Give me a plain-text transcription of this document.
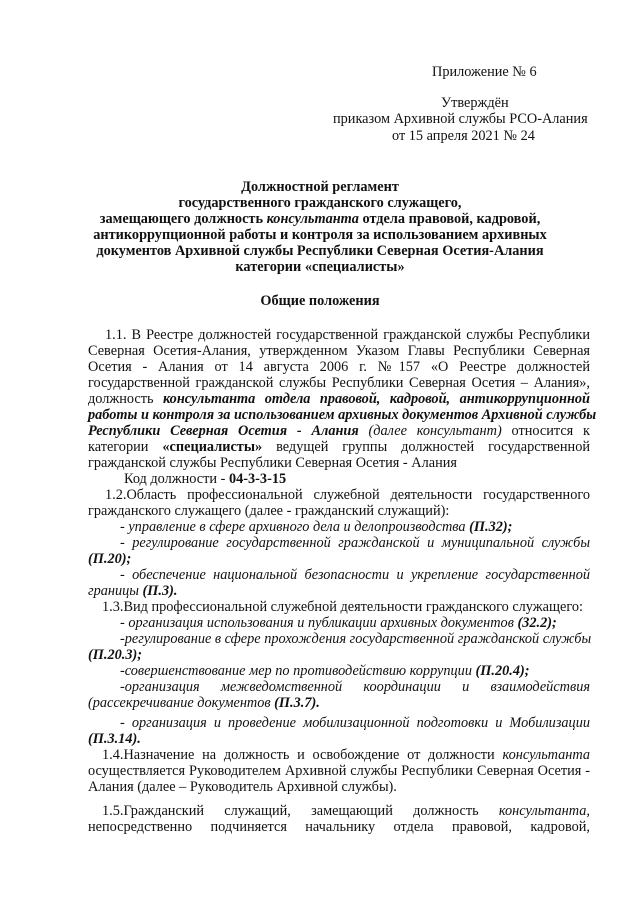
Приложение № 6
Утверждён
приказом Архивной службы РСО-Алания
от 15 апреля 2021 № 24
Должностной регламент
государственного гражданского служащего,
замещающего должность консультанта отдела правовой, кадровой,
антикоррупционной работы и контроля за использованием архивных
документов Архивной службы Республики Северная Осетия-Алания
категории «специалисты»
Общие положения
1.1. В Реестре должностей государственной гражданской службы Республики
Северная Осетия-Алания, утвержденном Указом Главы Республики Северная
Осетия - Алания от 14 августа 2006 г. №157 «О Реестре должностей
государственной гражданской службы Республики Северная Осетия – Алания»,
должность консультанта отдела правовой, кадровой, антикоррупционной
работы и контроля за использованием архивных документов Архивной службы
Республики Северная Осетия - Алания (далее консультант) относится к
категории «специалисты» ведущей группы должностей государственной
гражданской службы Республики Северная Осетия - Алания
Код должности - 04-3-3-15
1.2.Область профессиональной служебной деятельности государственного
гражданского служащего (далее - гражданский служащий):
- управление в сфере архивного дела и делопроизводства (П.32);
- регулирование государственной гражданской и муниципальной службы
(П.20);
- обеспечение национальной безопасности и укрепление государственной
границы (П.3).
1.3.Вид профессиональной служебной деятельности гражданского служащего:
- организация использования и публикации архивных документов (32.2);
-регулирование в сфере прохождения государственной гражданской службы
(П.20.3);
-совершенствование мер по противодействию коррупции (П.20.4);
-организация межведомственной координации и взаимодействия
(рассекречивание документов (П.3.7).
- организация и проведение мобилизационной подготовки и Мобилизации
(П.3.14).
1.4.Назначение на должность и освобождение от должности консультанта
осуществляется Руководителем Архивной службы Республики Северная Осетия -
Алания (далее – Руководитель Архивной службы).
1.5.Гражданский служащий, замещающий должность консультанта,
непосредственно подчиняется начальнику отдела правовой, кадровой,
